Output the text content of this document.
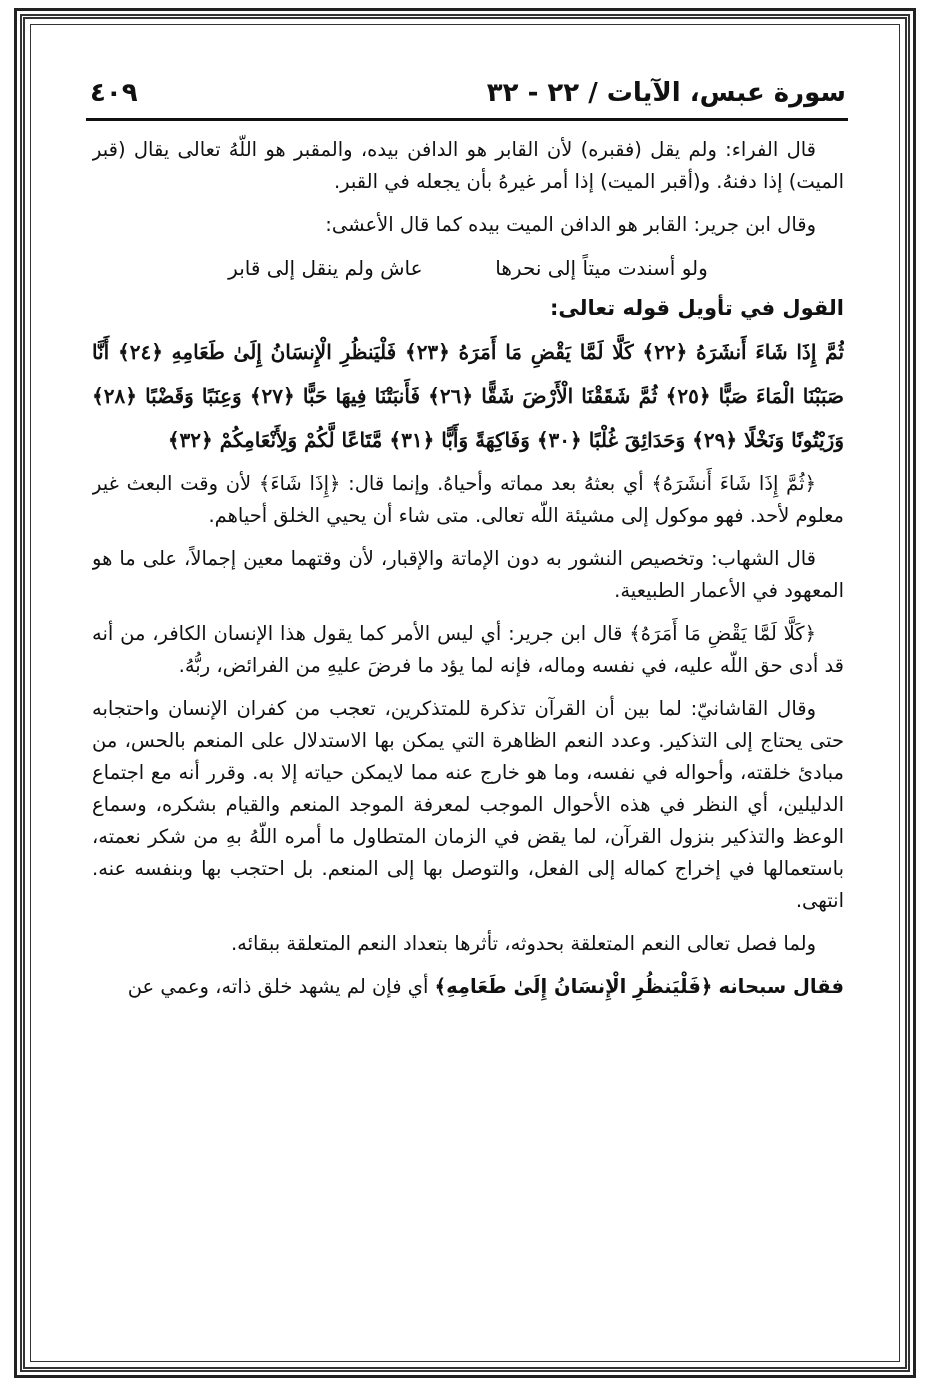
سورة عبس، الآيات / ٢٢ - ٣٢
٤٠٩

قال الفراء: ولم يقل (فقبره) لأن القابر هو الدافن بيده، والمقبر هو اللّهُ تعالى يقال (قبر الميت) إذا دفنهُ. و(أقبر الميت) إذا أمر غيرهُ بأن يجعله في القبر.

وقال ابن جرير: القابر هو الدافن الميت بيده كما قال الأعشى:

ولو أسندت ميتاً إلى نحرها  عاش ولم ينقل إلى قابر

القول في تأويل قوله تعالى:

ثُمَّ إِذَا شَاءَ أَنشَرَهُ ﴿٢٢﴾ كَلَّا لَمَّا يَقْضِ مَا أَمَرَهُ ﴿٢٣﴾ فَلْيَنظُرِ الْإِنسَانُ إِلَىٰ طَعَامِهِ ﴿٢٤﴾ أَنَّا صَبَبْنَا الْمَاءَ صَبًّا ﴿٢٥﴾ ثُمَّ شَقَقْنَا الْأَرْضَ شَقًّا ﴿٢٦﴾ فَأَنبَتْنَا فِيهَا حَبًّا ﴿٢٧﴾ وَعِنَبًا وَقَضْبًا ﴿٢٨﴾ وَزَيْتُونًا وَنَخْلًا ﴿٢٩﴾ وَحَدَائِقَ غُلْبًا ﴿٣٠﴾ وَفَاكِهَةً وَأَبًّا ﴿٣١﴾ مَّتَاعًا لَّكُمْ وَلِأَنْعَامِكُمْ ﴿٣٢﴾

﴿ثُمَّ إِذَا شَاءَ أَنشَرَهُ﴾ أي بعثهُ بعد مماته وأحياهُ. وإنما قال: ﴿إِذَا شَاءَ﴾ لأن وقت البعث غير معلوم لأحد. فهو موكول إلى مشيئة اللّه تعالى. متى شاء أن يحيي الخلق أحياهم.

قال الشهاب: وتخصيص النشور به دون الإماتة والإقبار، لأن وقتهما معين إجمالاً، على ما هو المعهود في الأعمار الطبيعية.

﴿كَلَّا لَمَّا يَقْضِ مَا أَمَرَهُ﴾ قال ابن جرير: أي ليس الأمر كما يقول هذا الإنسان الكافر، من أنه قد أدى حق اللّه عليه، في نفسه وماله، فإنه لما يؤد ما فرضَ عليهِ من الفرائض، ربُّهُ.

وقال القاشانيّ: لما بين أن القرآن تذكرة للمتذكرين، تعجب من كفران الإنسان واحتجابه حتى يحتاج إلى التذكير. وعدد النعم الظاهرة التي يمكن بها الاستدلال على المنعم بالحس، من مبادئ خلقته، وأحواله في نفسه، وما هو خارج عنه مما لايمكن حياته إلا به. وقرر أنه مع اجتماع الدليلين، أي النظر في هذه الأحوال الموجب لمعرفة الموجد المنعم والقيام بشكره، وسماع الوعظ والتذكير بنزول القرآن، لما يقض في الزمان المتطاول ما أمره اللّهُ بهِ من شكر نعمته، باستعمالها في إخراج كماله إلى الفعل، والتوصل بها إلى المنعم. بل احتجب بها وبنفسه عنه. انتهى.

ولما فصل تعالى النعم المتعلقة بحدوثه، تأثرها بتعداد النعم المتعلقة ببقائه.

فقال سبحانه ﴿فَلْيَنظُرِ الْإِنسَانُ إِلَىٰ طَعَامِهِ﴾ أي فإن لم يشهد خلق ذاته، وعمي عن
